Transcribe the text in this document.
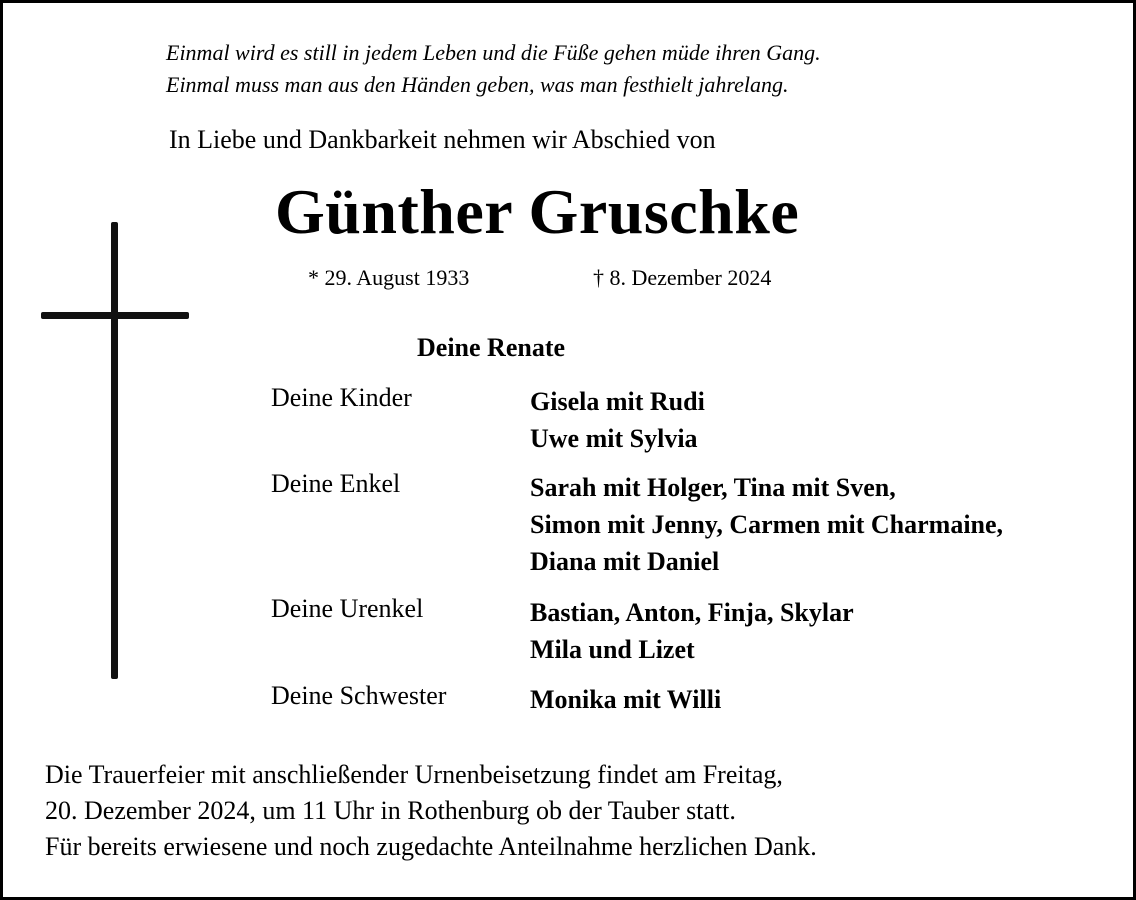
Einmal wird es still in jedem Leben und die Füße gehen müde ihren Gang.
Einmal muss man aus den Händen geben, was man festhielt jahrelang.
In Liebe und Dankbarkeit nehmen wir Abschied von
Günther Gruschke
* 29. August 1933	† 8. Dezember 2024
Deine Renate
Deine Kinder	Gisela mit Rudi
Uwe mit Sylvia
Deine Enkel	Sarah mit Holger, Tina mit Sven,
Simon mit Jenny, Carmen mit Charmaine,
Diana mit Daniel
Deine Urenkel	Bastian, Anton, Finja, Skylar
Mila und Lizet
Deine Schwester	Monika mit Willi
Die Trauerfeier mit anschließender Urnenbeisetzung findet am Freitag,
20. Dezember 2024, um 11 Uhr in Rothenburg ob der Tauber statt.
Für bereits erwiesene und noch zugedachte Anteilnahme herzlichen Dank.
